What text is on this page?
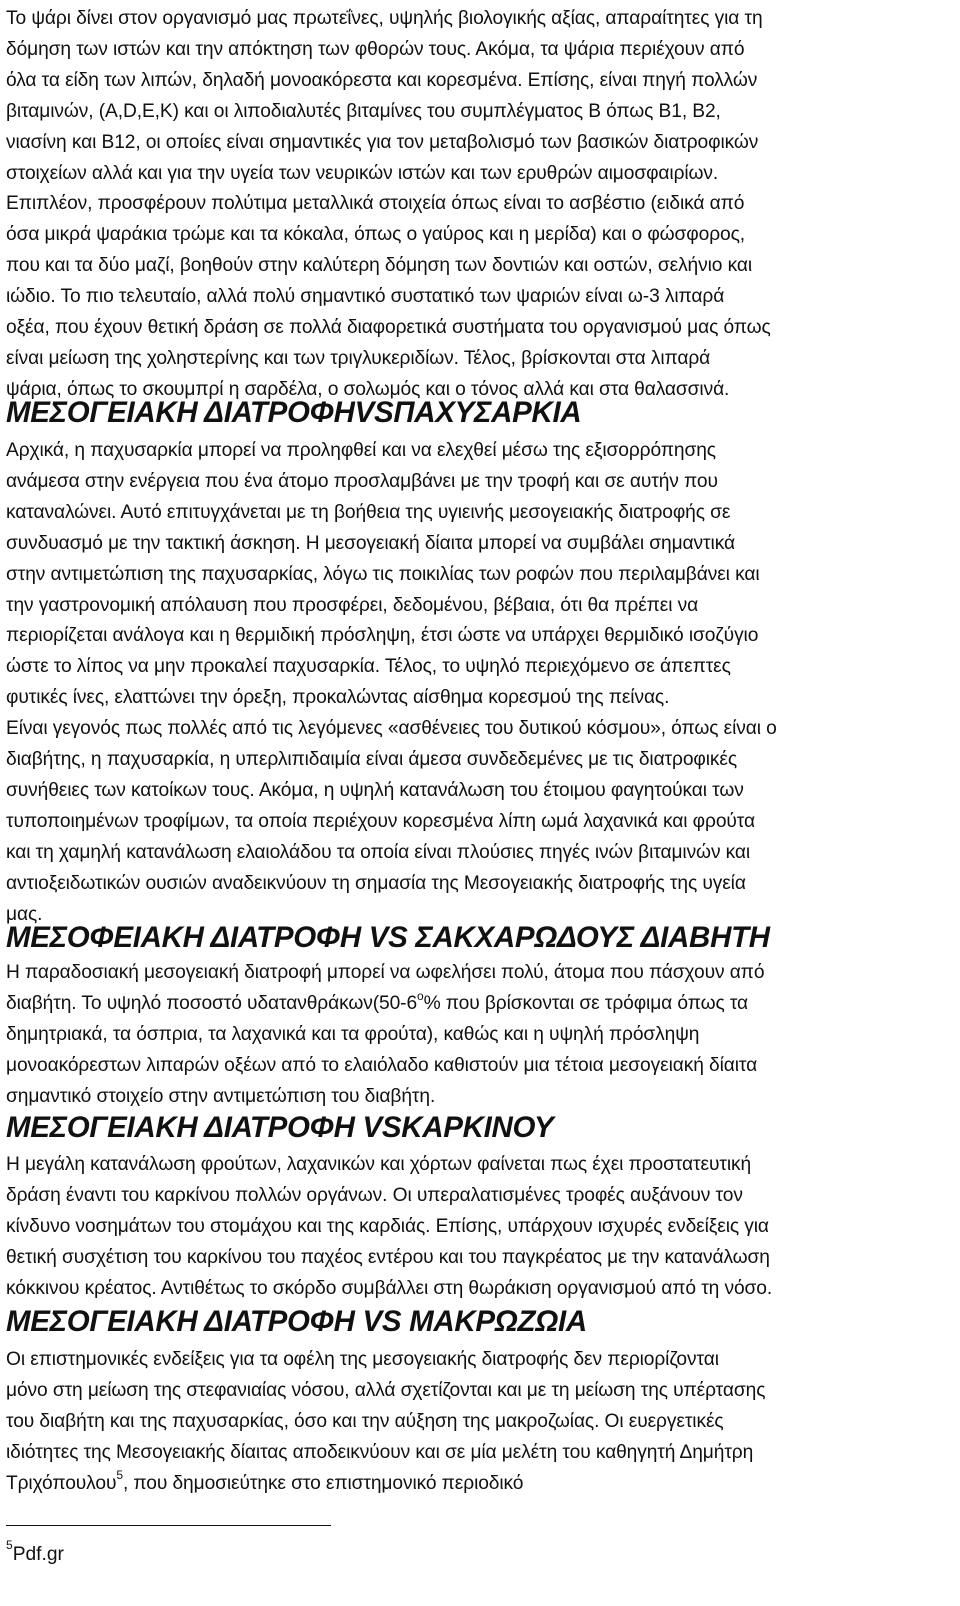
Το ψάρι δίνει στον οργανισμό μας πρωτεΐνες, υψηλής βιολογικής αξίας, απαραίτητες για τη
δόμηση των ιστών και την απόκτηση των φθορών τους. Ακόμα, τα ψάρια περιέχουν από
όλα τα είδη των λιπών, δηλαδή μονοακόρεστα και κορεσμένα. Επίσης, είναι πηγή πολλών
βιταμινών, (A,D,E,K) και οι λιποδιαλυτές βιταμίνες του συμπλέγματος Β όπως Β1, Β2,
νιασίνη και Β12, οι οποίες είναι σημαντικές για τον μεταβολισμό των βασικών διατροφικών
στοιχείων αλλά και για την υγεία των νευρικών ιστών και των ερυθρών αιμοσφαιρίων.
Επιπλέον, προσφέρουν πολύτιμα μεταλλικά στοιχεία όπως είναι το ασβέστιο (ειδικά από
όσα μικρά ψαράκια τρώμε και τα κόκαλα, όπως ο γαύρος και η μερίδα) και ο φώσφορος,
που και τα δύο μαζί, βοηθούν στην καλύτερη δόμηση των δοντιών και οστών, σελήνιο και
ιώδιο. Το πιο τελευταίο, αλλά πολύ σημαντικό συστατικό των ψαριών είναι ω-3 λιπαρά
οξέα, που έχουν θετική δράση σε πολλά διαφορετικά συστήματα του οργανισμού μας όπως
είναι μείωση της χοληστερίνης και των τριγλυκεριδίων. Τέλος, βρίσκονται στα λιπαρά
ψάρια, όπως το σκουμπρί η σαρδέλα, ο σολωμός και ο τόνος αλλά και στα θαλασσινά.
ΜΕΣΟΓΕΙΑΚΗ ΔΙΑΤΡΟΦΗVSΠΑΧΥΣΑΡΚΙΑ
Αρχικά, η παχυσαρκία μπορεί να προληφθεί και να ελεχθεί μέσω της εξισορρόπησης
ανάμεσα στην ενέργεια που ένα άτομο προσλαμβάνει με την τροφή και σε αυτήν που
καταναλώνει. Αυτό επιτυγχάνεται με τη βοήθεια της υγιεινής μεσογειακής διατροφής σε
συνδυασμό με την τακτική άσκηση. Η μεσογειακή δίαιτα μπορεί να συμβάλει σημαντικά
στην αντιμετώπιση της παχυσαρκίας, λόγω τις ποικιλίας των ροφών που περιλαμβάνει και
την γαστρονομική απόλαυση που προσφέρει, δεδομένου, βέβαια, ότι θα πρέπει να
περιορίζεται ανάλογα και η θερμιδική πρόσληψη, έτσι ώστε να υπάρχει θερμιδικό ισοζύγιο
ώστε το λίπος να μην προκαλεί παχυσαρκία. Τέλος, το υψηλό περιεχόμενο σε άπεπτες
φυτικές ίνες, ελαττώνει την όρεξη, προκαλώντας αίσθημα κορεσμού της πείνας.
Είναι γεγονός πως πολλές από τις λεγόμενες «ασθένειες του δυτικού κόσμου», όπως είναι ο
διαβήτης, η παχυσαρκία, η υπερλιπιδαιμία είναι άμεσα συνδεδεμένες με τις διατροφικές
συνήθειες των κατοίκων τους. Ακόμα, η υψηλή κατανάλωση του έτοιμου φαγητούκαι των
τυποποιημένων τροφίμων, τα οποία περιέχουν κορεσμένα λίπη ωμά λαχανικά και φρούτα
και τη χαμηλή κατανάλωση ελαιολάδου τα οποία είναι πλούσιες πηγές ινών βιταμινών και
αντιοξειδωτικών ουσιών αναδεικνύουν τη σημασία της Μεσογειακής διατροφής της υγεία
μας.
ΜΕΣΟΦΕΙΑΚΗ ΔΙΑΤΡΟΦΗ VS ΣΑΚΧΑΡΩΔΟΥΣ ΔΙΑΒΗΤΗ
Η παραδοσιακή μεσογειακή διατροφή μπορεί να ωφελήσει πολύ, άτομα που πάσχουν από
διαβήτη. Το υψηλό ποσοστό $\upsilon\delta\alpha\tau\alpha\nu\theta\rho ά\kappa\omega\nu(50-6^o\%$ που βρίσκονται σε τρόφιμα όπως τα
δημητριακά, τα όσπρια, τα λαχανικά και τα φρούτα), καθώς και η υψηλή πρόσληψη
μονοακόρεστων λιπαρών οξέων από το ελαιόλαδο καθιστούν μια τέτοια μεσογειακή δίαιτα
σημαντικό στοιχείο στην αντιμετώπιση του διαβήτη.
ΜΕΣΟΓΕΙΑΚΗ ΔΙΑΤΡΟΦΗ VSKΑΡΚΙΝΟΥ
Η μεγάλη κατανάλωση φρούτων, λαχανικών και χόρτων φαίνεται πως έχει προστατευτική
δράση έναντι του καρκίνου πολλών οργάνων. Οι υπεραλατισμένες τροφές αυξάνουν τον
κίνδυνο νοσημάτων του στομάχου και της καρδιάς. Επίσης, υπάρχουν ισχυρές ενδείξεις για
θετική συσχέτιση του καρκίνου του παχέος εντέρου και του παγκρέατος με την κατανάλωση
κόκκινου κρέατος. Αντιθέτως το σκόρδο συμβάλλει στη θωράκιση οργανισμού από τη νόσο.
ΜΕΣΟΓΕΙΑΚΗ ΔΙΑΤΡΟΦΗ VS ΜΑΚΡΩΖΩΙΑ
Οι επιστημονικές ενδείξεις για τα οφέλη της μεσογειακής διατροφής δεν περιορίζονται
μόνο στη μείωση της στεφανιαίας νόσου, αλλά σχετίζονται και με τη μείωση της υπέρτασης
του διαβήτη και της παχυσαρκίας, όσο και την αύξηση της μακροζωίας. Οι ευεργετικές
ιδιότητες της Μεσογειακής δίαιτας αποδεικνύουν και σε μία μελέτη του καθηγητή Δημήτρη
Τριχόπουλου$^5$, που δημοσιεύτηκε στο επιστημονικό περιοδικό
$^5$Pdf.gr
